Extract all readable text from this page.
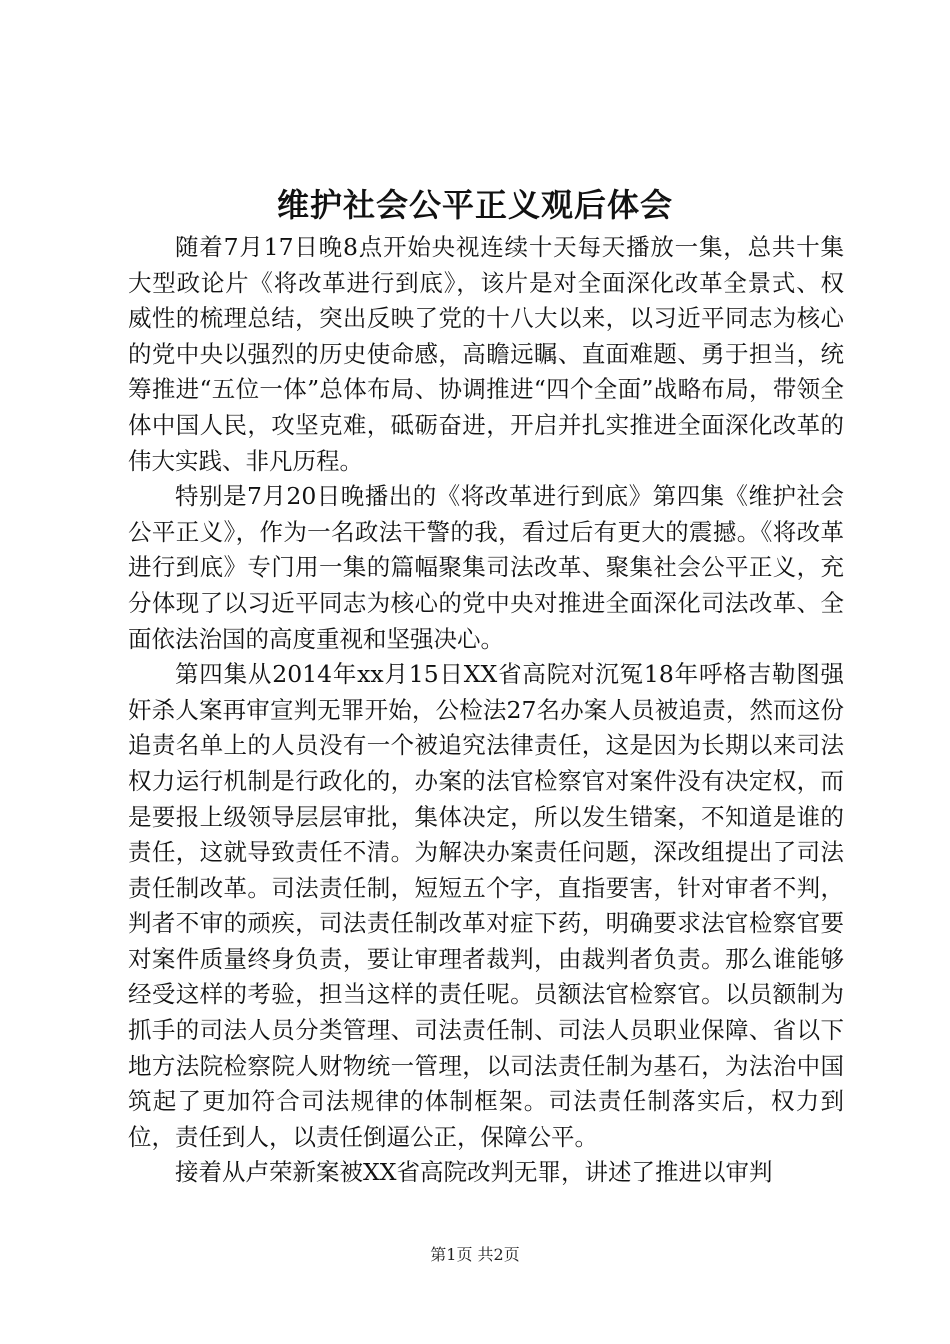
维护社会公平正义观后体会

随着7月17日晚8点开始央视连续十天每天播放一集，总共十集大型政论片《将改革进行到底》，该片是对全面深化改革全景式、权威性的梳理总结，突出反映了党的十八大以来，以习近平同志为核心的党中央以强烈的历史使命感，高瞻远瞩、直面难题、勇于担当，统筹推进“五位一体”总体布局、协调推进“四个全面”战略布局，带领全体中国人民，攻坚克难，砥砺奋进，开启并扎实推进全面深化改革的伟大实践、非凡历程。

特别是7月20日晚播出的《将改革进行到底》第四集《维护社会公平正义》，作为一名政法干警的我，看过后有更大的震撼。《将改革进行到底》专门用一集的篇幅聚集司法改革、聚集社会公平正义，充分体现了以习近平同志为核心的党中央对推进全面深化司法改革、全面依法治国的高度重视和坚强决心。

第四集从2014年xx月15日XX省高院对沉冤18年呼格吉勒图强奸杀人案再审宣判无罪开始，公检法27名办案人员被追责，然而这份追责名单上的人员没有一个被追究法律责任，这是因为长期以来司法权力运行机制是行政化的，办案的法官检察官对案件没有决定权，而是要报上级领导层层审批，集体决定，所以发生错案，不知道是谁的责任，这就导致责任不清。为解决办案责任问题，深改组提出了司法责任制改革。司法责任制，短短五个字，直指要害，针对审者不判，判者不审的顽疾，司法责任制改革对症下药，明确要求法官检察官要对案件质量终身负责，要让审理者裁判，由裁判者负责。那么谁能够经受这样的考验，担当这样的责任呢。员额法官检察官。以员额制为抓手的司法人员分类管理、司法责任制、司法人员职业保障、省以下地方法院检察院人财物统一管理，以司法责任制为基石，为法治中国筑起了更加符合司法规律的体制框架。司法责任制落实后，权力到位，责任到人，以责任倒逼公正，保障公平。

接着从卢荣新案被XX省高院改判无罪，讲述了推进以审判

第1页 共2页
